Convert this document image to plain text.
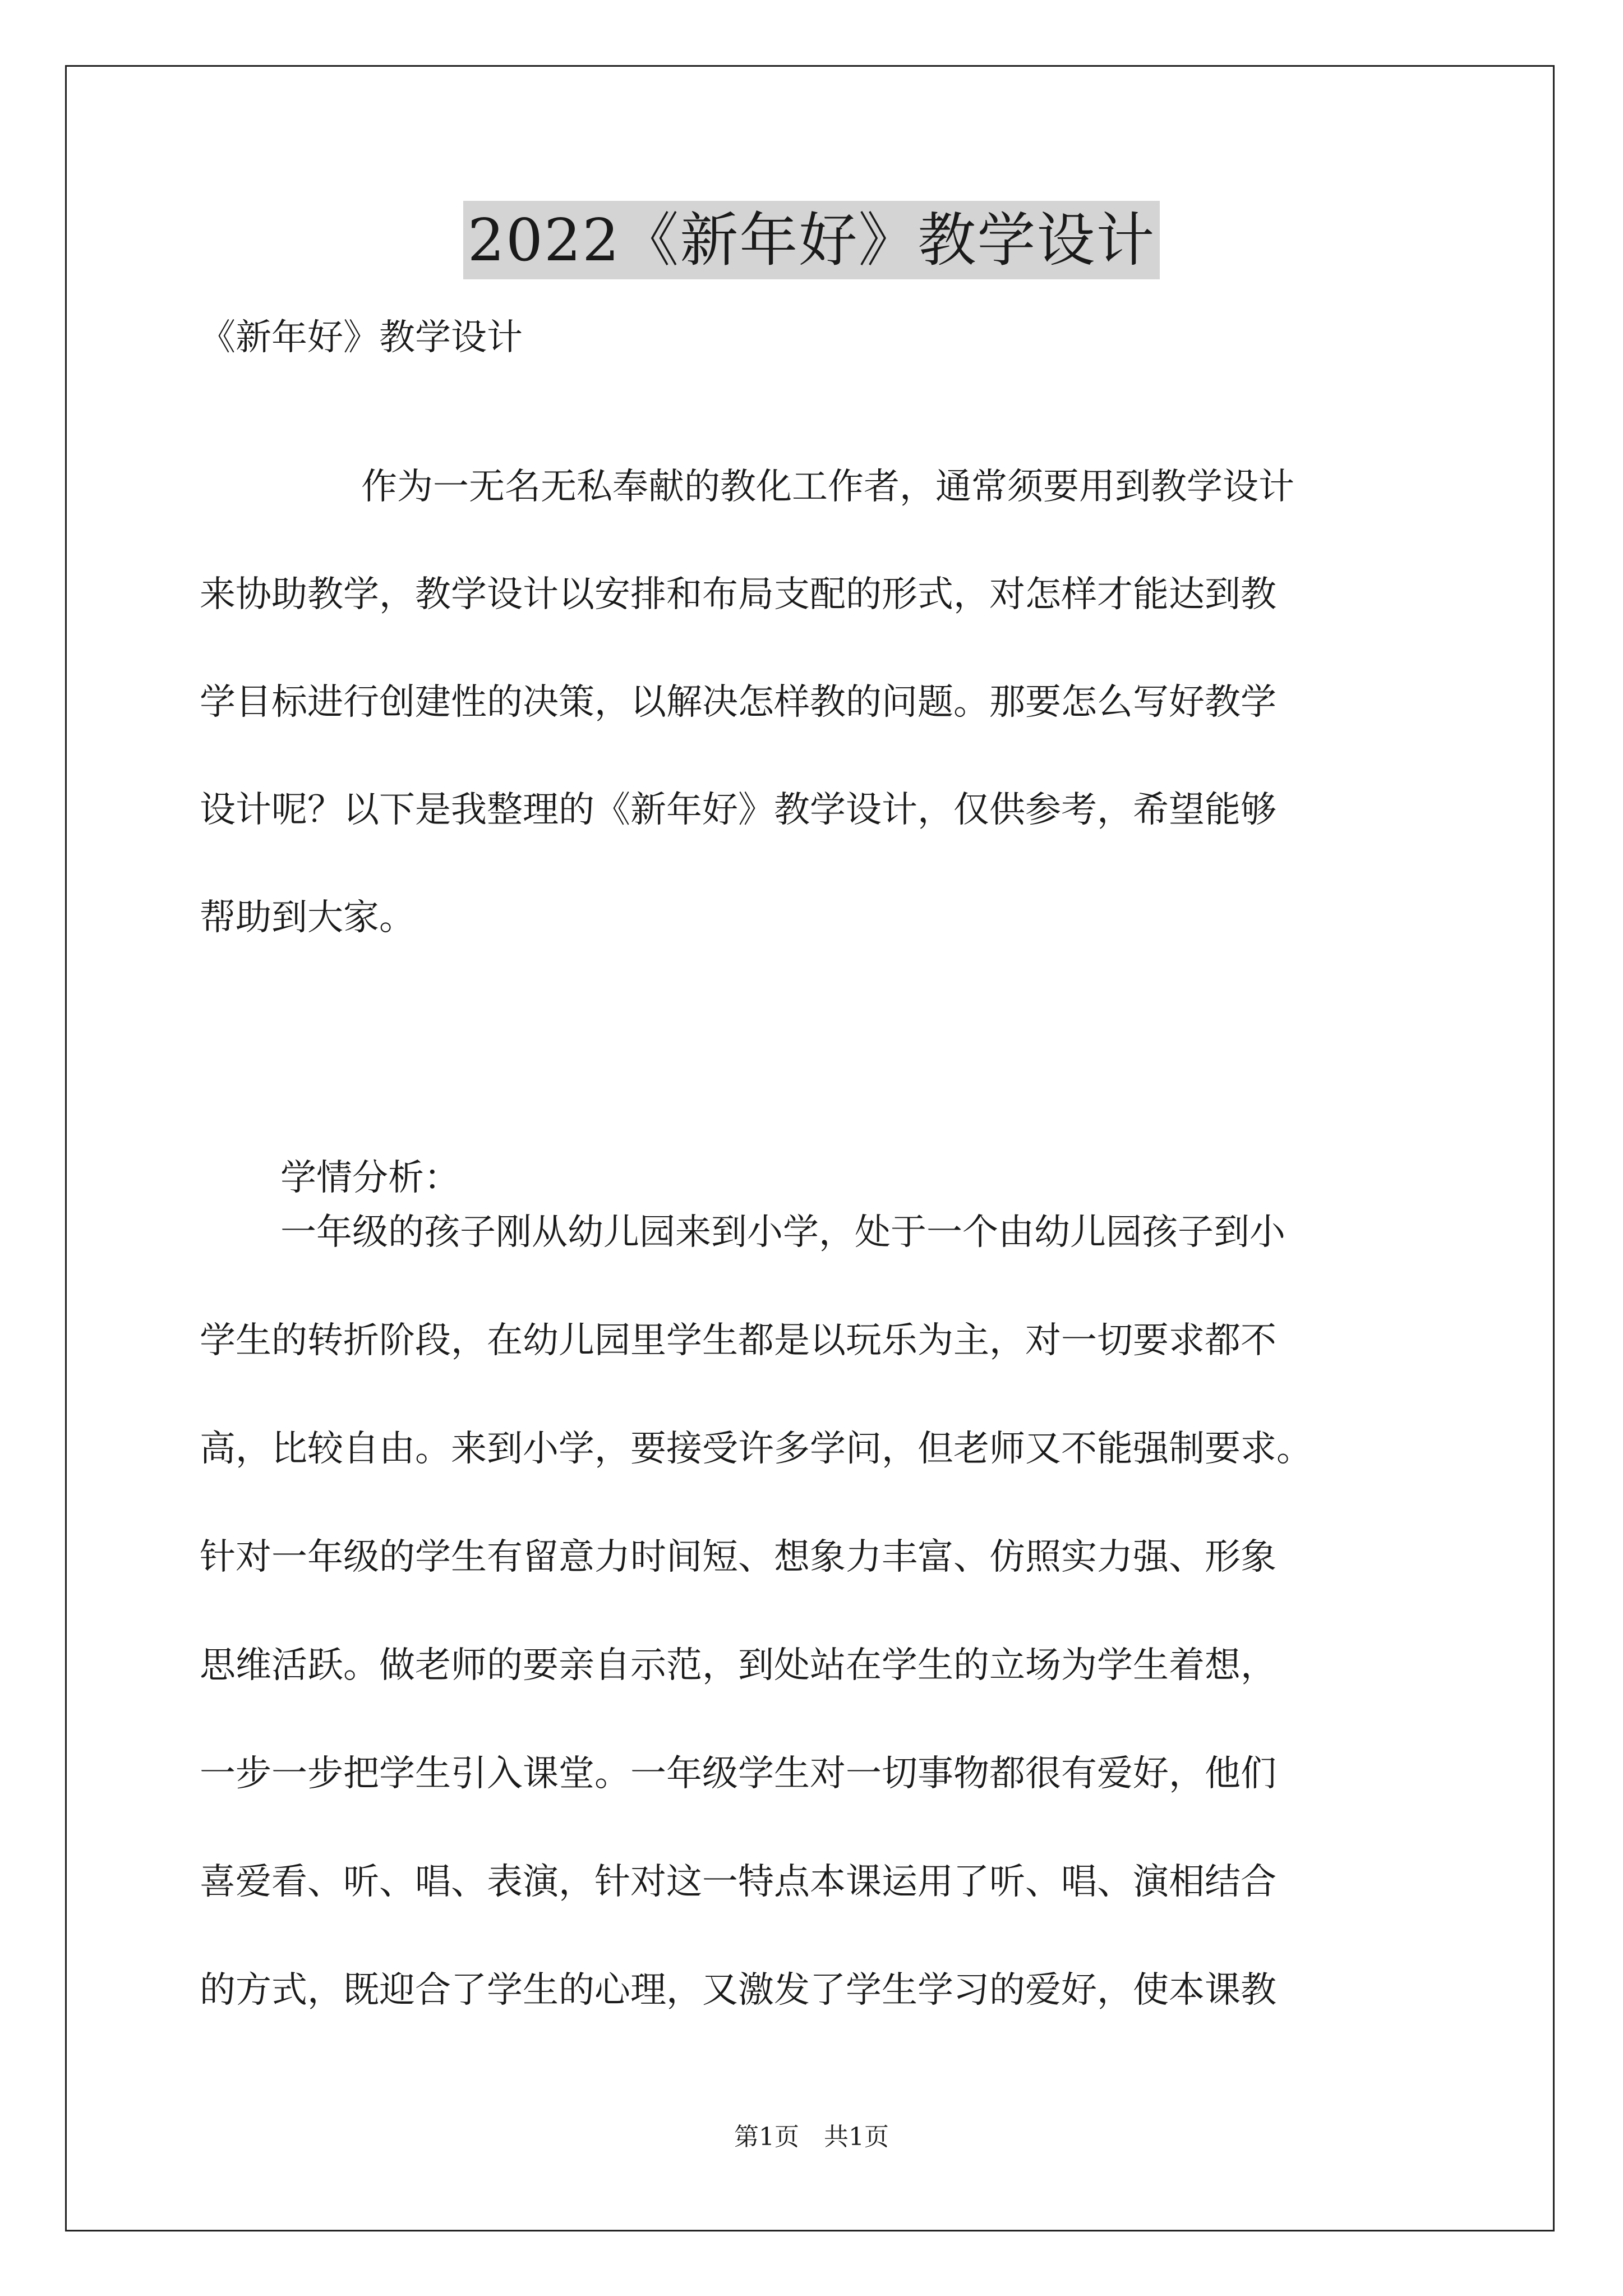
2022《新年好》教学设计
《新年好》教学设计
作为一无名无私奉献的教化工作者，通常须要用到教学设计
来协助教学，教学设计以安排和布局支配的形式，对怎样才能达到教
学目标进行创建性的决策，以解决怎样教的问题。那要怎么写好教学
设计呢？以下是我整理的《新年好》教学设计，仅供参考，希望能够
帮助到大家。
学情分析：
一年级的孩子刚从幼儿园来到小学，处于一个由幼儿园孩子到小
学生的转折阶段，在幼儿园里学生都是以玩乐为主，对一切要求都不
高，比较自由。来到小学，要接受许多学问，但老师又不能强制要求。
针对一年级的学生有留意力时间短、想象力丰富、仿照实力强、形象
思维活跃。做老师的要亲自示范，到处站在学生的立场为学生着想，
一步一步把学生引入课堂。一年级学生对一切事物都很有爱好，他们
喜爱看、听、唱、表演，针对这一特点本课运用了听、唱、演相结合
的方式，既迎合了学生的心理，又激发了学生学习的爱好，使本课教
第1页　共1页
